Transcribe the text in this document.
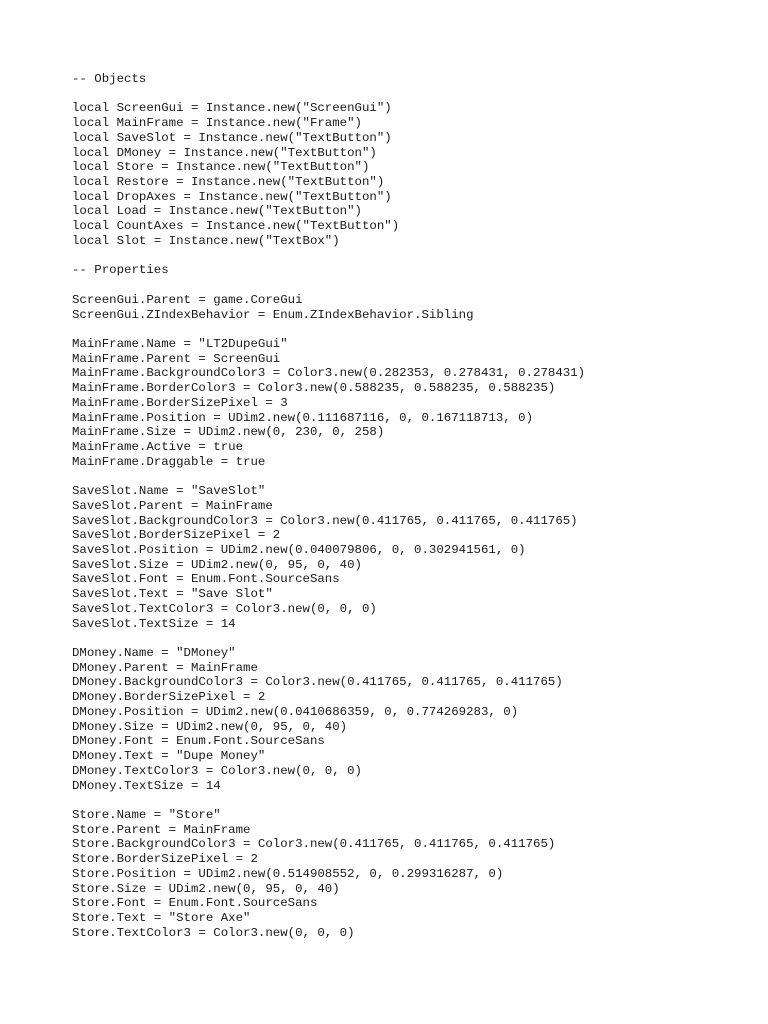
-- Objects
local ScreenGui = Instance.new("ScreenGui")
local MainFrame = Instance.new("Frame")
local SaveSlot = Instance.new("TextButton")
local DMoney = Instance.new("TextButton")
local Store = Instance.new("TextButton")
local Restore = Instance.new("TextButton")
local DropAxes = Instance.new("TextButton")
local Load = Instance.new("TextButton")
local CountAxes = Instance.new("TextButton")
local Slot = Instance.new("TextBox")
-- Properties
ScreenGui.Parent = game.CoreGui
ScreenGui.ZIndexBehavior = Enum.ZIndexBehavior.Sibling
MainFrame.Name = "LT2DupeGui"
MainFrame.Parent = ScreenGui
MainFrame.BackgroundColor3 = Color3.new(0.282353, 0.278431, 0.278431)
MainFrame.BorderColor3 = Color3.new(0.588235, 0.588235, 0.588235)
MainFrame.BorderSizePixel = 3
MainFrame.Position = UDim2.new(0.111687116, 0, 0.167118713, 0)
MainFrame.Size = UDim2.new(0, 230, 0, 258)
MainFrame.Active = true
MainFrame.Draggable = true
SaveSlot.Name = "SaveSlot"
SaveSlot.Parent = MainFrame
SaveSlot.BackgroundColor3 = Color3.new(0.411765, 0.411765, 0.411765)
SaveSlot.BorderSizePixel = 2
SaveSlot.Position = UDim2.new(0.040079806, 0, 0.302941561, 0)
SaveSlot.Size = UDim2.new(0, 95, 0, 40)
SaveSlot.Font = Enum.Font.SourceSans
SaveSlot.Text = "Save Slot"
SaveSlot.TextColor3 = Color3.new(0, 0, 0)
SaveSlot.TextSize = 14
DMoney.Name = "DMoney"
DMoney.Parent = MainFrame
DMoney.BackgroundColor3 = Color3.new(0.411765, 0.411765, 0.411765)
DMoney.BorderSizePixel = 2
DMoney.Position = UDim2.new(0.0410686359, 0, 0.774269283, 0)
DMoney.Size = UDim2.new(0, 95, 0, 40)
DMoney.Font = Enum.Font.SourceSans
DMoney.Text = "Dupe Money"
DMoney.TextColor3 = Color3.new(0, 0, 0)
DMoney.TextSize = 14
Store.Name = "Store"
Store.Parent = MainFrame
Store.BackgroundColor3 = Color3.new(0.411765, 0.411765, 0.411765)
Store.BorderSizePixel = 2
Store.Position = UDim2.new(0.514908552, 0, 0.299316287, 0)
Store.Size = UDim2.new(0, 95, 0, 40)
Store.Font = Enum.Font.SourceSans
Store.Text = "Store Axe"
Store.TextColor3 = Color3.new(0, 0, 0)
